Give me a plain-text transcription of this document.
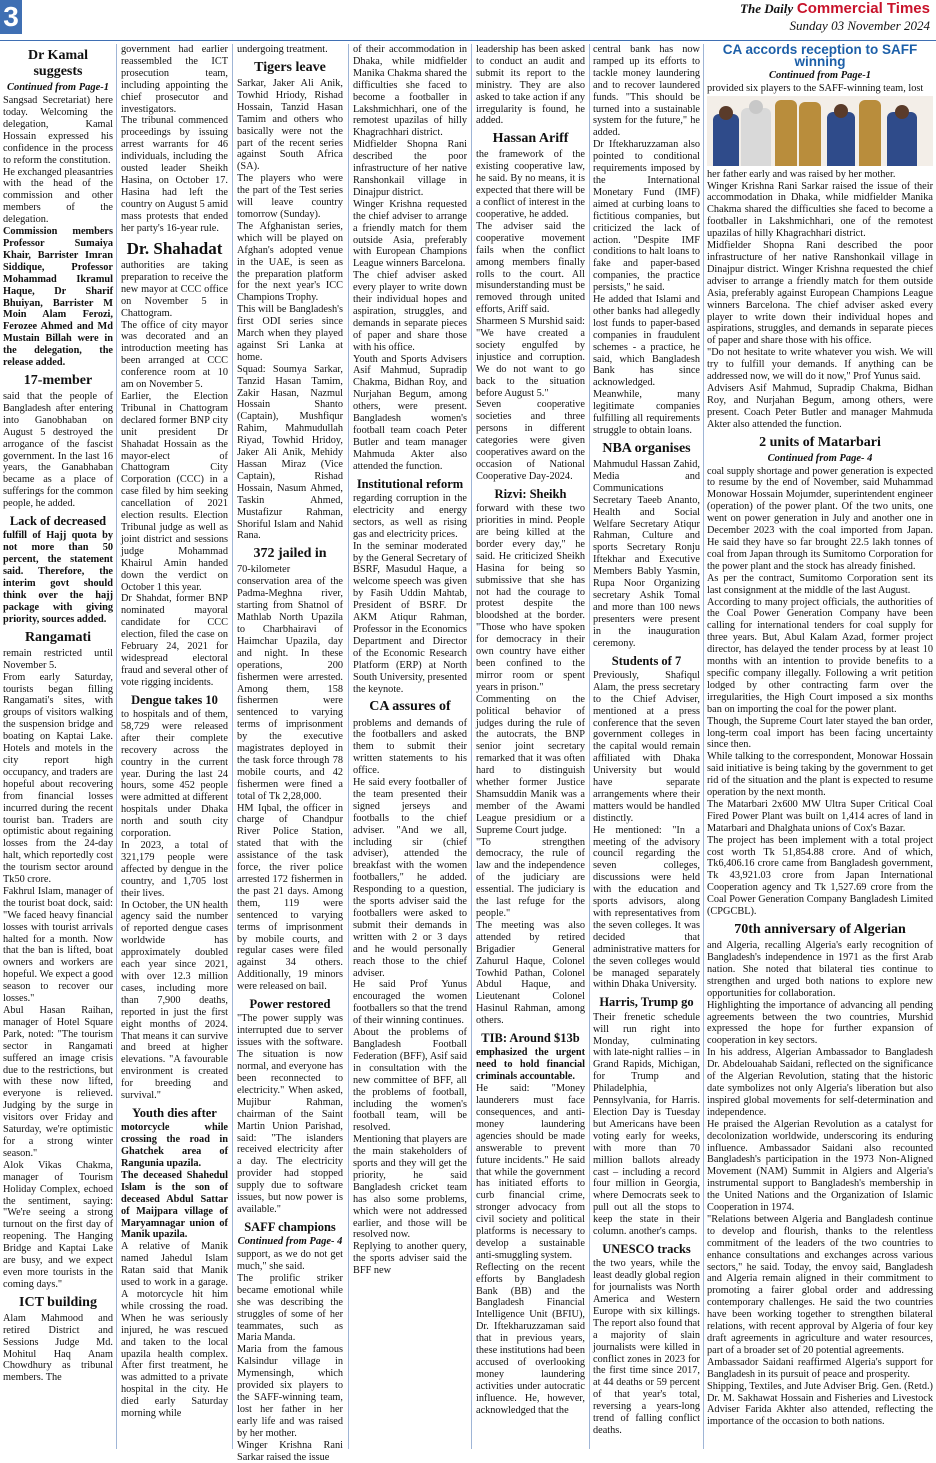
3	The Daily Commercial Times
Sunday 03 November 2024
Dr Kamal suggests
Continued from Page-1

Sangsad Secretariat) here today. Welcoming the delegation, Kamal Hossain expressed his confidence in the process to reform the constitution.

He exchanged pleasantries with the head of the commission and other members of the delegation.

Commission members Professor Sumaiya Khair, Barrister Imran Siddique, Professor Mohammad Ikramul Haque, Dr Sharif Bhuiyan, Barrister M Moin Alam Ferozi, Ferozee Ahmed and Md Mustain Billah were in the delegation, the release added.

17-member

said that the people of Bangladesh after entering into Ganobhaban on August 5 destroyed the arrogance of the fascist government. In the last 16 years, the Ganabhaban became as a place of sufferings for the common people, he added.

Lack of decreased

fulfill of Hajj quota by not more than 50 percent, the statement said. Therefore, the interim govt should think over the hajj package with giving priority, sources added.

Rangamati

remain restricted until November 5.

From early Saturday, tourists began filling Rangamati's sites, with groups of visitors walking the suspension bridge and boating on Kaptai Lake. Hotels and motels in the city report high occupancy, and traders are hopeful about recovering from financial losses incurred during the recent tourist ban. Traders are optimistic about regaining losses from the 24-day halt, which reportedly cost the tourism sector around Tk50 crore.

Fakhrul Islam, manager of the tourist boat dock, said: "We faced heavy financial losses with tourist arrivals halted for a month. Now that the ban is lifted, boat owners and workers are hopeful. We expect a good season to recover our losses."

Abul Hasan Raihan, manager of Hotel Square Park, noted: "The tourism sector in Rangamati suffered an image crisis due to the restrictions, but with these now lifted, everyone is relieved. Judging by the surge in visitors over Friday and Saturday, we're optimistic for a strong winter season."

Alok Vikas Chakma, manager of Tourism Holiday Complex, echoed the sentiment, saying: "We're seeing a strong turnout on the first day of reopening. The Hanging Bridge and Kaptai Lake are busy, and we expect even more tourists in the coming days."

ICT building

Alam Mahmood and retired District and Sessions Judge Md. Mohitul Haq Anam Chowdhury as tribunal members. The

government had earlier reassembled the ICT prosecution team, including appointing the chief prosecutor and investigators.

The tribunal commenced proceedings by issuing arrest warrants for 46 individuals, including the ousted leader Sheikh Hasina, on October 17. Hasina had left the country on August 5 amid mass protests that ended her party's 16-year rule.

Dr. Shahadat

authorities are taking preparation to receive the new mayor at CCC office on November 5 in Chattogram.

The office of city mayor was decorated and an introduction meeting has been arranged at CCC conference room at 10 am on November 5.

Earlier, the Election Tribunal in Chattogram declared former BNP city unit president Dr Shahadat Hossain as the mayor-elect of Chattogram City Corporation (CCC) in a case filed by him seeking cancellation of 2021 election results. Election Tribunal judge as well as joint district and sessions judge Mohammad Khairul Amin handed down the verdict on October 1 this year.

Dr Shahdat, former BNP nominated mayoral candidate for CCC election, filed the case on February 24, 2021 for widespread electoral fraud and several other of vote rigging incidents.

Dengue takes 10

to hospitals and of them, 58,729 were released after their complete recovery across the country in the current year. During the last 24 hours, some 452 people were admitted at different hospitals under Dhaka north and south city corporation.

In 2023, a total of 321,179 people were affected by dengue in the country, and 1,705 lost their lives.

In October, the UN health agency said the number of reported dengue cases worldwide has approximately doubled each year since 2021, with over 12.3 million cases, including more than 7,900 deaths, reported in just the first eight months of 2024. That means it can survive and breed at higher elevations. "A favourable environment is created for breeding and survival."

Youth dies after

motorcycle while crossing the road in Ghatchek area of Rangunia upazila.

The deceased Shahedul Islam is the son of deceased Abdul Sattar of Maijpara village of Maryamnagar union of Manik upazila.

A relative of Manik named Jahedul Islam Ratan said that Manik used to work in a garage. A motorcycle hit him while crossing the road. When he was seriously injured, he was rescued and taken to the local upazila health complex. After first treatment, he was admitted to a private hospital in the city. He died early Saturday morning while

undergoing treatment.

Tigers leave

Sarkar, Jaker Ali Anik, Towhid Hriody, Rishad Hossain, Tanzid Hasan Tamim and others who basically were not the part of the recent series against South Africa (SA).

The players who were the part of the Test series will leave country tomorrow (Sunday).

The Afghanistan series, which will be played on Afghan's adopted venue in the UAE, is seen as the preparation platform for the next year's ICC Champions Trophy.

This will be Bangladesh's first ODI series since March when they played against Sri Lanka at home.

Squad: Soumya Sarkar, Tanzid Hasan Tamim, Zakir Hasan, Nazmul Hossain Shanto (Captain), Mushfiqur Rahim, Mahmudullah Riyad, Towhid Hridoy, Jaker Ali Anik, Mehidy Hassan Miraz (Vice Captain), Rishad Hossain, Nasum Ahmed, Taskin Ahmed, Mustafizur Rahman, Shoriful Islam and Nahid Rana.

372 jailed in

70-kilometer conservation area of the Padma-Meghna river, starting from Shatnol of Mathlab North Upazila to Charbhairavi of Haimchar Upazila, day and night. In these operations, 200 fishermen were arrested. Among them, 158 fishermen were sentenced to varying terms of imprisonment by the executive magistrates deployed in the task force through 78 mobile courts, and 42 fishermen were fined a total of Tk 2,28,000.

HM Iqbal, the officer in charge of Chandpur River Police Station, stated that with the assistance of the task force, the river police arrested 172 fishermen in the past 21 days. Among them, 119 were sentenced to varying terms of imprisonment by mobile courts, and regular cases were filed against 34 others. Additionally, 19 minors were released on bail.

Power restored

"The power supply was interrupted due to server issues with the software. The situation is now normal, and everyone has been reconnected to electricity." When asked, Mujibur Rahman, chairman of the Saint Martin Union Parishad, said: "The islanders received electricity after a day. The electricity provider had stopped supply due to software issues, but now power is available."

SAFF champions
Continued from Page- 4

support, as we do not get much," she said.

The prolific striker became emotional while she was describing the struggles of some of her teammates, such as Maria Manda.

Maria from the famous Kalsindur village in Mymensingh, which provided six players to the SAFF-winning team, lost her father in her early life and was raised by her mother.

Winger Krishna Rani Sarkar raised the issue

of their accommodation in Dhaka, while midfielder Manika Chakma shared the difficulties she faced to become a footballer in Lakshmichhari, one of the remotest upazilas of hilly Khagrachhari district.

Midfielder Shopna Rani described the poor infrastructure of her native Ranshonkail village in Dinajpur district.

Winger Krishna requested the chief adviser to arrange a friendly match for them outside Asia, preferably with European Champions League winners Barcelona.

The chief adviser asked every player to write down their individual hopes and aspiration, struggles, and demands in separate pieces of paper and share those with his office.

Youth and Sports Advisers Asif Mahmud, Supradip Chakma, Bidhan Roy, and Nurjahan Begum, among others, were present. Bangladesh women's football team coach Peter Butler and team manager Mahmuda Akter also attended the function.

Institutional reform

regarding corruption in the electricity and energy sectors, as well as rising gas and electricity prices.

In the seminar moderated by the General Secretary of BSRF, Masudul Haque, a welcome speech was given by Fasih Uddin Mahtab, President of BSRF. Dr AKM Atiqur Rahman, Professor in the Economics Department and Director of the Economic Research Platform (ERP) at North South University, presented the keynote.

CA assures of

problems and demands of the footballers and asked them to submit their written statements to his office.

He said every footballer of the team presented their signed jerseys and footballs to the chief adviser. "And we all, including sir (chief adviser), attended the breakfast with the women footballers," he added. Responding to a question, the sports adviser said the footballers were asked to submit their demands in written with 2 or 3 days and he would personally reach those to the chief adviser.

He said Prof Yunus encouraged the women footballers so that the trend of their winning continues.

About the problems of Bangladesh Football Federation (BFF), Asif said in consultation with the new committee of BFF, all the problems of football, including the women's football team, will be resolved.

Mentioning that players are the main stakeholders of sports and they will get the priority, he said Bangladesh cricket team has also some problems, which were not addressed earlier, and those will be resolved now.

Replying to another query, the sports adviser said the BFF new

leadership has been asked to conduct an audit and submit its report to the ministry. They are also asked to take action if any irregularity is found, he added.

Hassan Ariff

the framework of the existing cooperative law, he said. By no means, it is expected that there will be a conflict of interest in the cooperative, he added.

The adviser said the cooperative movement fails when the conflict among members finally rolls to the court. All misunderstanding must be removed through united efforts, Ariff said.

Sharmeen S Murshid said: "We have created a society engulfed by injustice and corruption. We do not want to go back to the situation before August 5."

Seven cooperative societies and three persons in different categories were given cooperatives award on the occasion of National Cooperative Day-2024.

Rizvi: Sheikh

forward with these two priorities in mind. People are being killed at the border every day," he said. He criticized Sheikh Hasina for being so submissive that she has not had the courage to protest despite the bloodshed at the border. "Those who have spoken for democracy in their own country have either been confined to the mirror room or spent years in prison."

Commenting on the political behavior of judges during the rule of the autocrats, the BNP senior joint secretary remarked that it was often hard to distinguish whether former Justice Shamsuddin Manik was a member of the Awami League presidium or a Supreme Court judge.

"To strengthen democracy, the rule of law and the independence of the judiciary are essential. The judiciary is the last refuge for the people."

The meeting was also attended by retired Brigadier General Zahurul Haque, Colonel Towhid Pathan, Colonel Abdul Haque, and Lieutenant Colonel Hasinul Rahman, among others.

TIB: Around $13b

emphasized the urgent need to hold financial criminals accountable.

He said: "Money launderers must face consequences, and anti-money laundering agencies should be made answerable to prevent future incidents." He said that while the government has initiated efforts to curb financial crime, stronger advocacy from civil society and political platforms is necessary to develop a sustainable anti-smuggling system.

Reflecting on the recent efforts by Bangladesh Bank (BB) and the Bangladesh Financial Intelligence Unit (BFIU), Dr. Iftekharuzzaman said that in previous years, these institutions had been accused of overlooking money laundering activities under autocratic influence. He, however, acknowledged that the

central bank has now ramped up its efforts to tackle money laundering and to recover laundered funds. "This should be turned into a sustainable system for the future," he added.

Dr Iftekharuzzaman also pointed to conditional requirements imposed by the International Monetary Fund (IMF) aimed at curbing loans to fictitious companies, but criticized the lack of action. "Despite IMF conditions to halt loans to fake and paper-based companies, the practice persists," he said.

He added that Islami and other banks had allegedly lost funds to paper-based companies in fraudulent schemes - a practice, he said, which Bangladesh Bank has since acknowledged. Meanwhile, many legitimate companies fulfilling all requirements struggle to obtain loans.

NBA organises

Mahmudul Hassan Zahid, Media and Communications Secretary Taeeb Ananto, Health and Social Welfare Secretary Atiqur Rahman, Culture and sports Secretary Ronju Iftekhar and Executive Members Bably Yasmin, Rupa Noor Organizing secretary Ashik Tomal and more than 100 news presenters were present in the inauguration ceremony.

Students of 7

Previously, Shafiqul Alam, the press secretary to the Chief Adviser, mentioned at a press conference that the seven government colleges in the capital would remain affiliated with Dhaka University but would have separate arrangements where their matters would be handled distinctly.

He mentioned: "In a meeting of the advisory council regarding the seven colleges, discussions were held with the education and sports advisors, along with representatives from the seven colleges. It was decided that administrative matters for the seven colleges would be managed separately within Dhaka University.

Harris, Trump go

Their frenetic schedule will run right into Monday, culminating with late-night rallies – in Grand Rapids, Michigan, for Trump and Philadelphia, Pennsylvania, for Harris. Election Day is Tuesday but Americans have been voting early for weeks, with more than 70 million ballots already cast – including a record four million in Georgia, where Democrats seek to pull out all the stops to keep the state in their column. another's camps.

UNESCO tracks

the two years, while the least deadly global region for journalists was North America and Western Europe with six killings. The report also found that a majority of slain journalists were killed in conflict zones in 2023 for the first time since 2017, at 44 deaths or 59 percent of that year's total, reversing a years-long trend of falling conflict deaths.

CA accords reception to SAFF winning
Continued from Page-1

provided six players to the SAFF-winning team, lost

her father early and was raised by her mother.

Winger Krishna Rani Sarkar raised the issue of their accommodation in Dhaka, while midfielder Manika Chakma shared the difficulties she faced to become a footballer in Lakshmichhari, one of the remotest upazilas of hilly Khagrachhari district.

Midfielder Shopna Rani described the poor infrastructure of her native Ranshonkail village in Dinajpur district. Winger Krishna requested the chief adviser to arrange a friendly match for them outside Asia, preferably against European Champions League winners Barcelona. The chief adviser asked every player to write down their individual hopes and aspirations, struggles, and demands in separate pieces of paper and share those with his office.

"Do not hesitate to write whatever you wish. We will try to fulfill your demands. If anything can be addressed now, we will do it now," Prof Yunus said.

Advisers Asif Mahmud, Supradip Chakma, Bidhan Roy, and Nurjahan Begum, among others, were present. Coach Peter Butler and manager Mahmuda Akter also attended the function.

2 units of Matarbari
Continued from Page- 4

coal supply shortage and power generation is expected to resume by the end of November, said Muhammad Monowar Hossain Mojumder, superintendent engineer (operation) of the power plant. Of the two units, one went on power generation in July and another one in December 2023 with the coal imported from Japan. He said they have so far brought 22.5 lakh tonnes of coal from Japan through its Sumitomo Corporation for the power plant and the stock has already finished.

As per the contract, Sumitomo Corporation sent its last consignment at the middle of the last August.

According to many project officials, the authorities of the Coal Power Generation Company have been calling for international tenders for coal supply for three years. But, Abul Kalam Azad, former project director, has delayed the tender process by at least 10 months with an intention to provide benefits to a specific company illegally. Following a writ petition lodged by other contracting farm over the irregularities, the High Court imposed a six months ban on importing the coal for the power plant.

Though, the Supreme Court later stayed the ban order, long-term coal import has been facing uncertainty since then.

While talking to the correspondent, Monowar Hossain said initiative is being taking by the government to get rid of the situation and the plant is expected to resume operation by the next month.

The Matarbari 2x600 MW Ultra Super Critical Coal Fired Power Plant was built on 1,414 acres of land in Matarbari and Dhalghata unions of Cox's Bazar.

The project has been implement with a total project cost worth Tk 51,854.88 crore. And of which, Tk6,406.16 crore came from Bangladesh government, Tk 43,921.03 crore from Japan International Cooperation agency and Tk 1,527.69 crore from the Coal Power Generation Company Bangladesh Limited (CPGCBL).

70th anniversary of Algerian

and Algeria, recalling Algeria's early recognition of Bangladesh's independence in 1971 as the first Arab nation. She noted that bilateral ties continue to strengthen and urged both nations to explore new opportunities for collaboration.

Highlighting the importance of advancing all pending agreements between the two countries, Murshid expressed the hope for further expansion of cooperation in key sectors.

In his address, Algerian Ambassador to Bangladesh Dr. Abdelouahab Saidani, reflected on the significance of the Algerian Revolution, stating that the historic date symbolizes not only Algeria's liberation but also inspired global movements for self-determination and independence.

He praised the Algerian Revolution as a catalyst for decolonization worldwide, underscoring its enduring influence. Ambassador Saidani also recounted Bangladesh's participation in the 1973 Non-Aligned Movement (NAM) Summit in Algiers and Algeria's instrumental support to Bangladesh's membership in the United Nations and the Organization of Islamic Cooperation in 1974.

"Relations between Algeria and Bangladesh continue to develop and flourish, thanks to the relentless commitment of the leaders of the two countries to enhance consultations and exchanges across various sectors," he said. Today, the envoy said, Bangladesh and Algeria remain aligned in their commitment to promoting a fairer global order and addressing contemporary challenges. He said the two countries have been working together to strengthen bilateral relations, with recent approval by Algeria of four key draft agreements in agriculture and water resources, part of a broader set of 20 potential agreements.

Ambassador Saidani reaffirmed Algeria's support for Bangladesh in its pursuit of peace and prosperity.

Shipping, Textiles, and Jute Adviser Brig. Gen. (Retd.) Dr. M. Sakhawat Hossain and Fisheries and Livestock Adviser Farida Akhter also attended, reflecting the importance of the occasion to both nations.
